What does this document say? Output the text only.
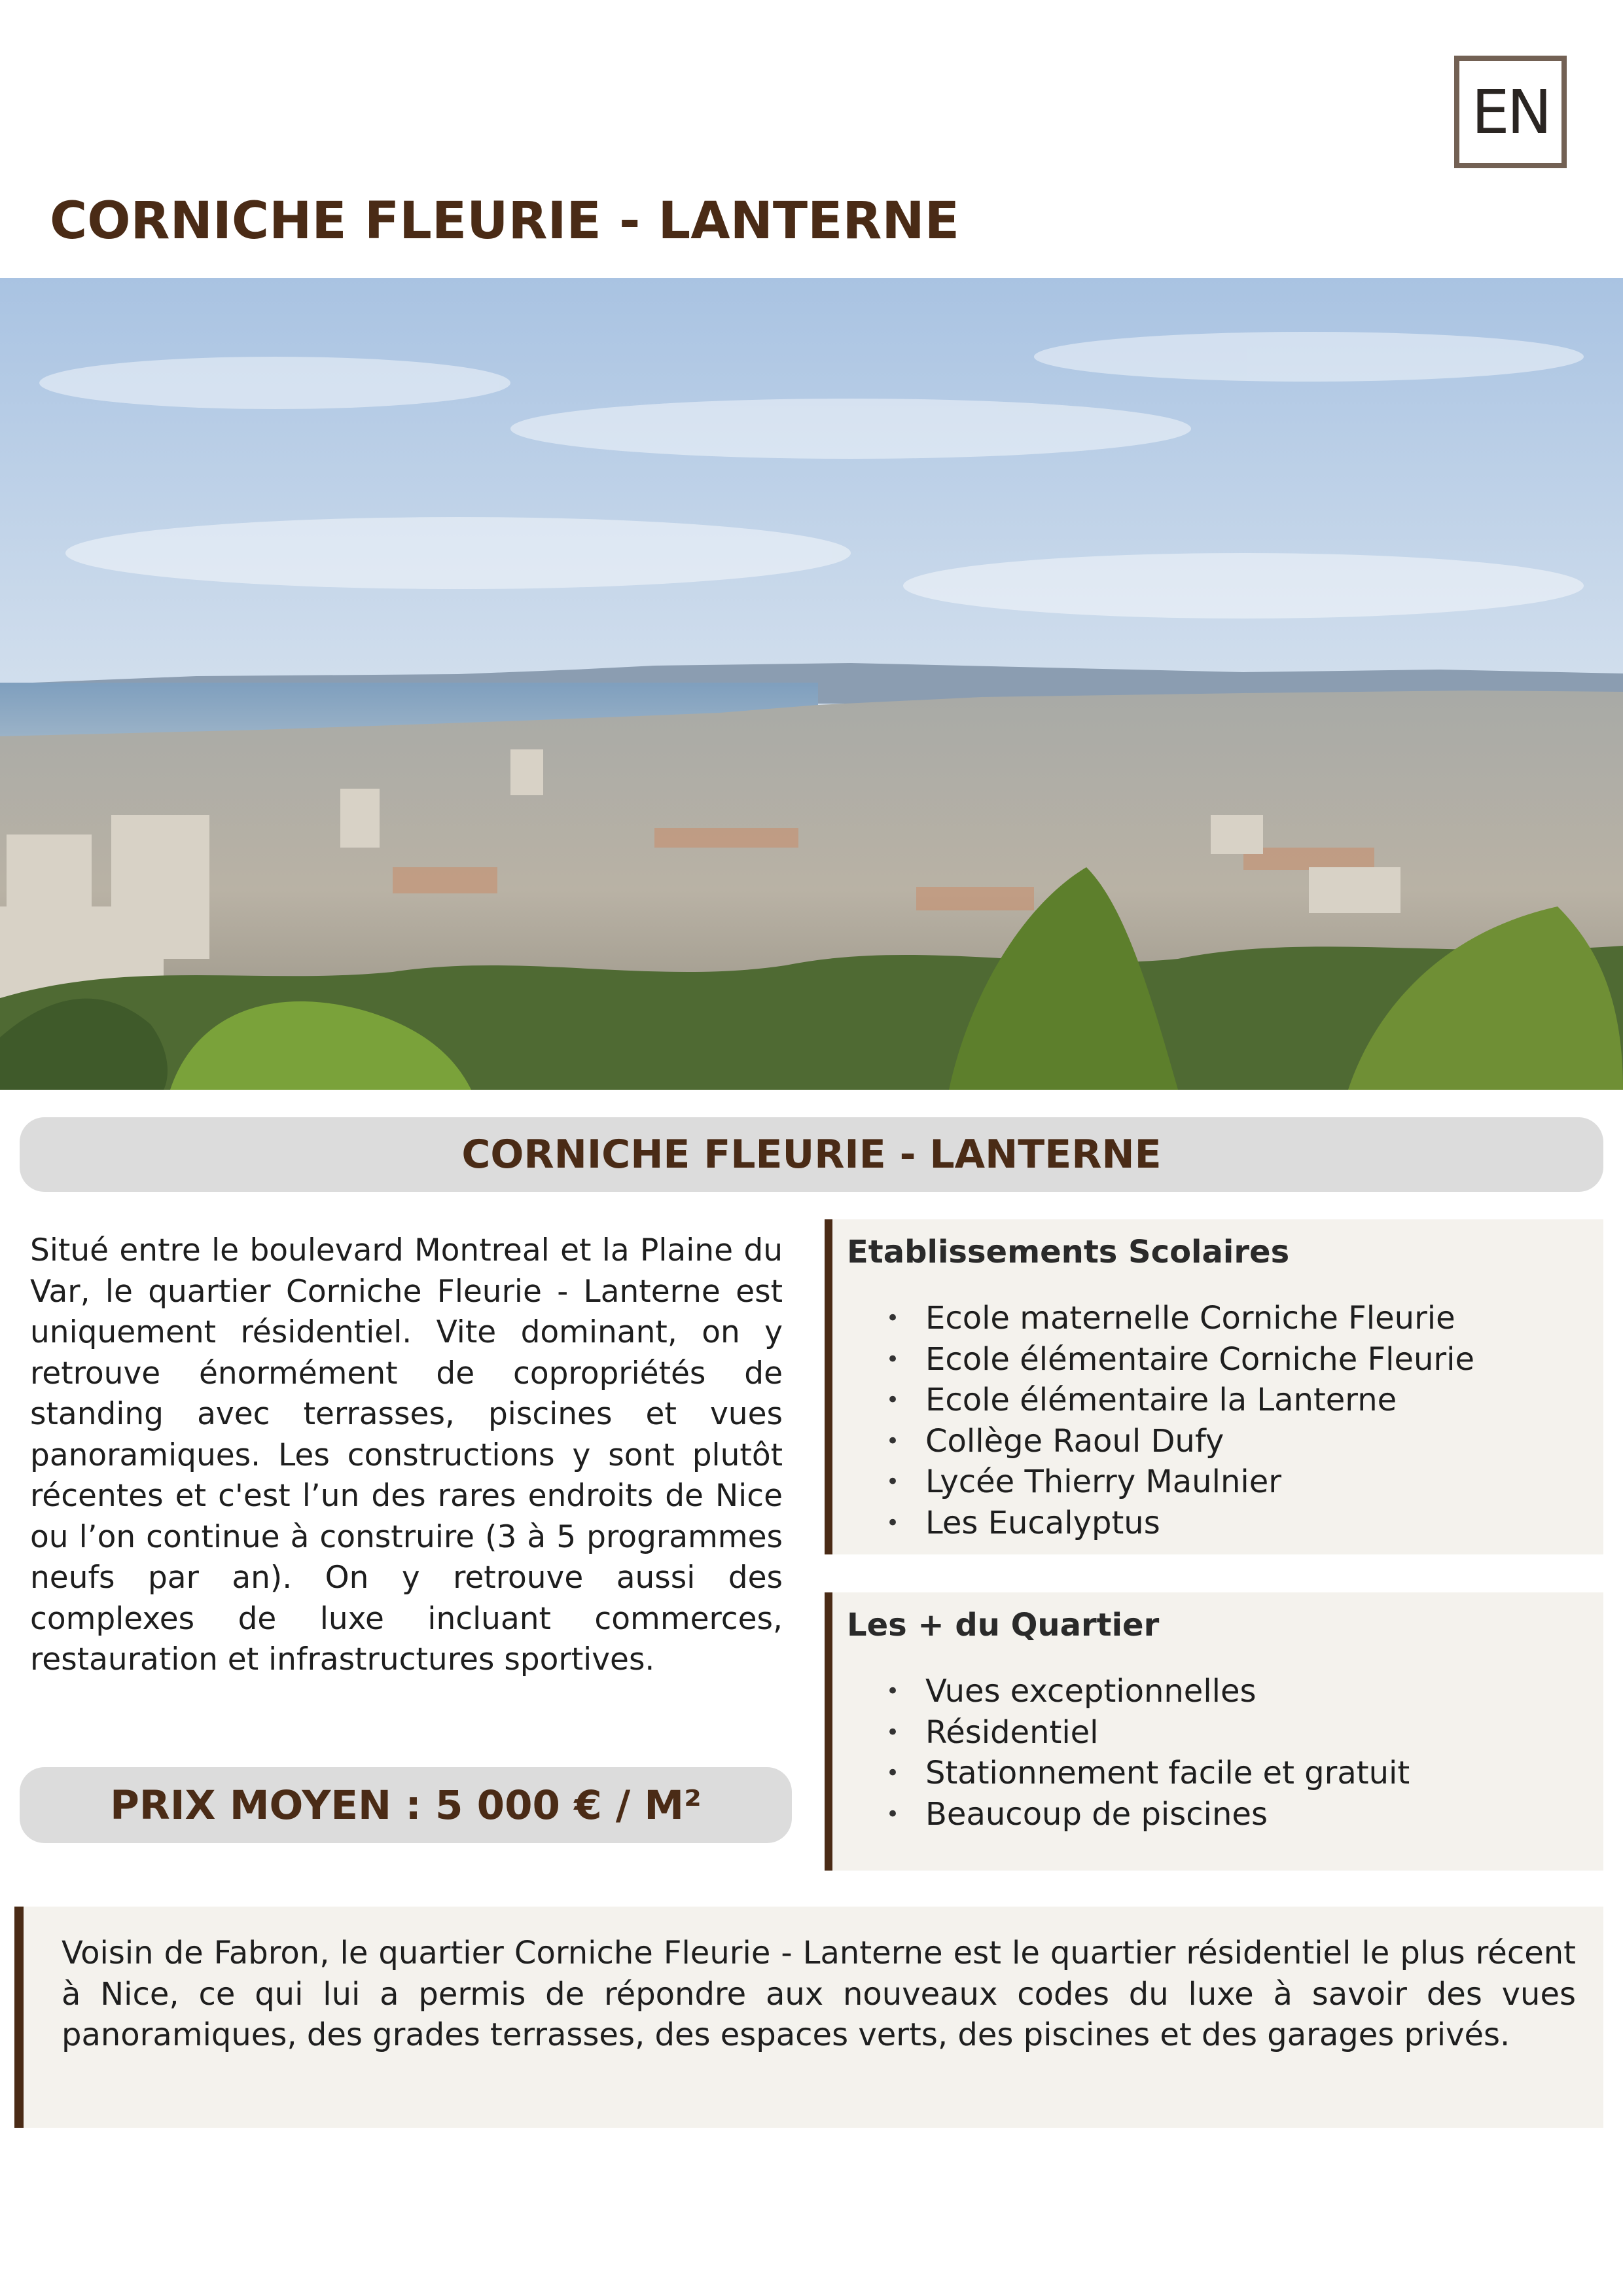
EN
CORNICHE FLEURIE - LANTERNE
CORNICHE FLEURIE - LANTERNE

Situé entre le boulevard Montreal et la Plaine du Var, le quartier Corniche Fleurie - Lanterne est uniquement résidentiel. Vite dominant, on y retrouve énormément de copropriétés de standing avec terrasses, piscines et vues panoramiques. Les constructions y sont plutôt récentes et c'est l’un des rares endroits de Nice ou l’on continue à construire (3 à 5 programmes neufs par an). On y retrouve aussi des complexes de luxe incluant commerces, restauration et infrastructures sportives.

PRIX MOYEN : 5 000 € / M²
Etablissements Scolaires
• Ecole maternelle Corniche Fleurie
• Ecole élémentaire Corniche Fleurie
• Ecole élémentaire la Lanterne
• Collège Raoul Dufy
• Lycée Thierry Maulnier
• Les Eucalyptus
Les + du Quartier
• Vues exceptionnelles
• Résidentiel
• Stationnement facile et gratuit
• Beaucoup de piscines

Voisin de Fabron, le quartier Corniche Fleurie - Lanterne est le quartier résidentiel le plus récent à Nice, ce qui lui a permis de répondre aux nouveaux codes du luxe à savoir des vues panoramiques, des grades terrasses, des espaces verts, des piscines et des garages privés.
